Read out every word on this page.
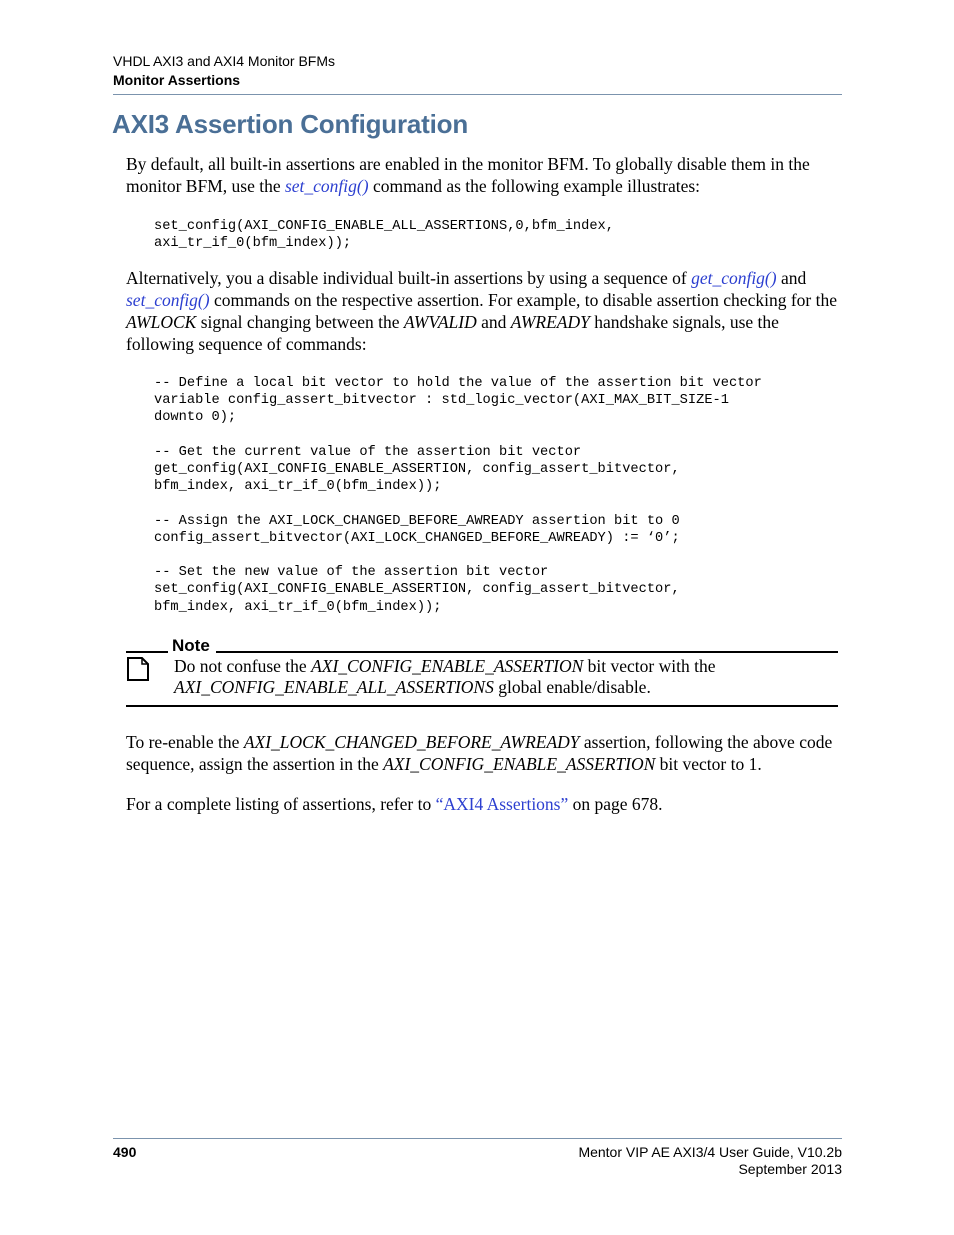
VHDL AXI3 and AXI4 Monitor BFMs
Monitor Assertions
AXI3 Assertion Configuration

By default, all built-in assertions are enabled in the monitor BFM. To globally disable them in the monitor BFM, use the set_config() command as the following example illustrates:

set_config(AXI_CONFIG_ENABLE_ALL_ASSERTIONS,0,bfm_index,
axi_tr_if_0(bfm_index));

Alternatively, you a disable individual built-in assertions by using a sequence of get_config() and set_config() commands on the respective assertion. For example, to disable assertion checking for the AWLOCK signal changing between the AWVALID and AWREADY handshake signals, use the following sequence of commands:

-- Define a local bit vector to hold the value of the assertion bit vector
variable config_assert_bitvector : std_logic_vector(AXI_MAX_BIT_SIZE-1
downto 0);

-- Get the current value of the assertion bit vector
get_config(AXI_CONFIG_ENABLE_ASSERTION, config_assert_bitvector,
bfm_index, axi_tr_if_0(bfm_index));

-- Assign the AXI_LOCK_CHANGED_BEFORE_AWREADY assertion bit to 0
config_assert_bitvector(AXI_LOCK_CHANGED_BEFORE_AWREADY) := ‘0’;

-- Set the new value of the assertion bit vector
set_config(AXI_CONFIG_ENABLE_ASSERTION, config_assert_bitvector,
bfm_index, axi_tr_if_0(bfm_index));
Note

Do not confuse the AXI_CONFIG_ENABLE_ASSERTION bit vector with the AXI_CONFIG_ENABLE_ALL_ASSERTIONS global enable/disable.

To re-enable the AXI_LOCK_CHANGED_BEFORE_AWREADY assertion, following the above code sequence, assign the assertion in the AXI_CONFIG_ENABLE_ASSERTION bit vector to 1.

For a complete listing of assertions, refer to “AXI4 Assertions” on page 678.

490	Mentor VIP AE AXI3/4 User Guide, V10.2b
September 2013
